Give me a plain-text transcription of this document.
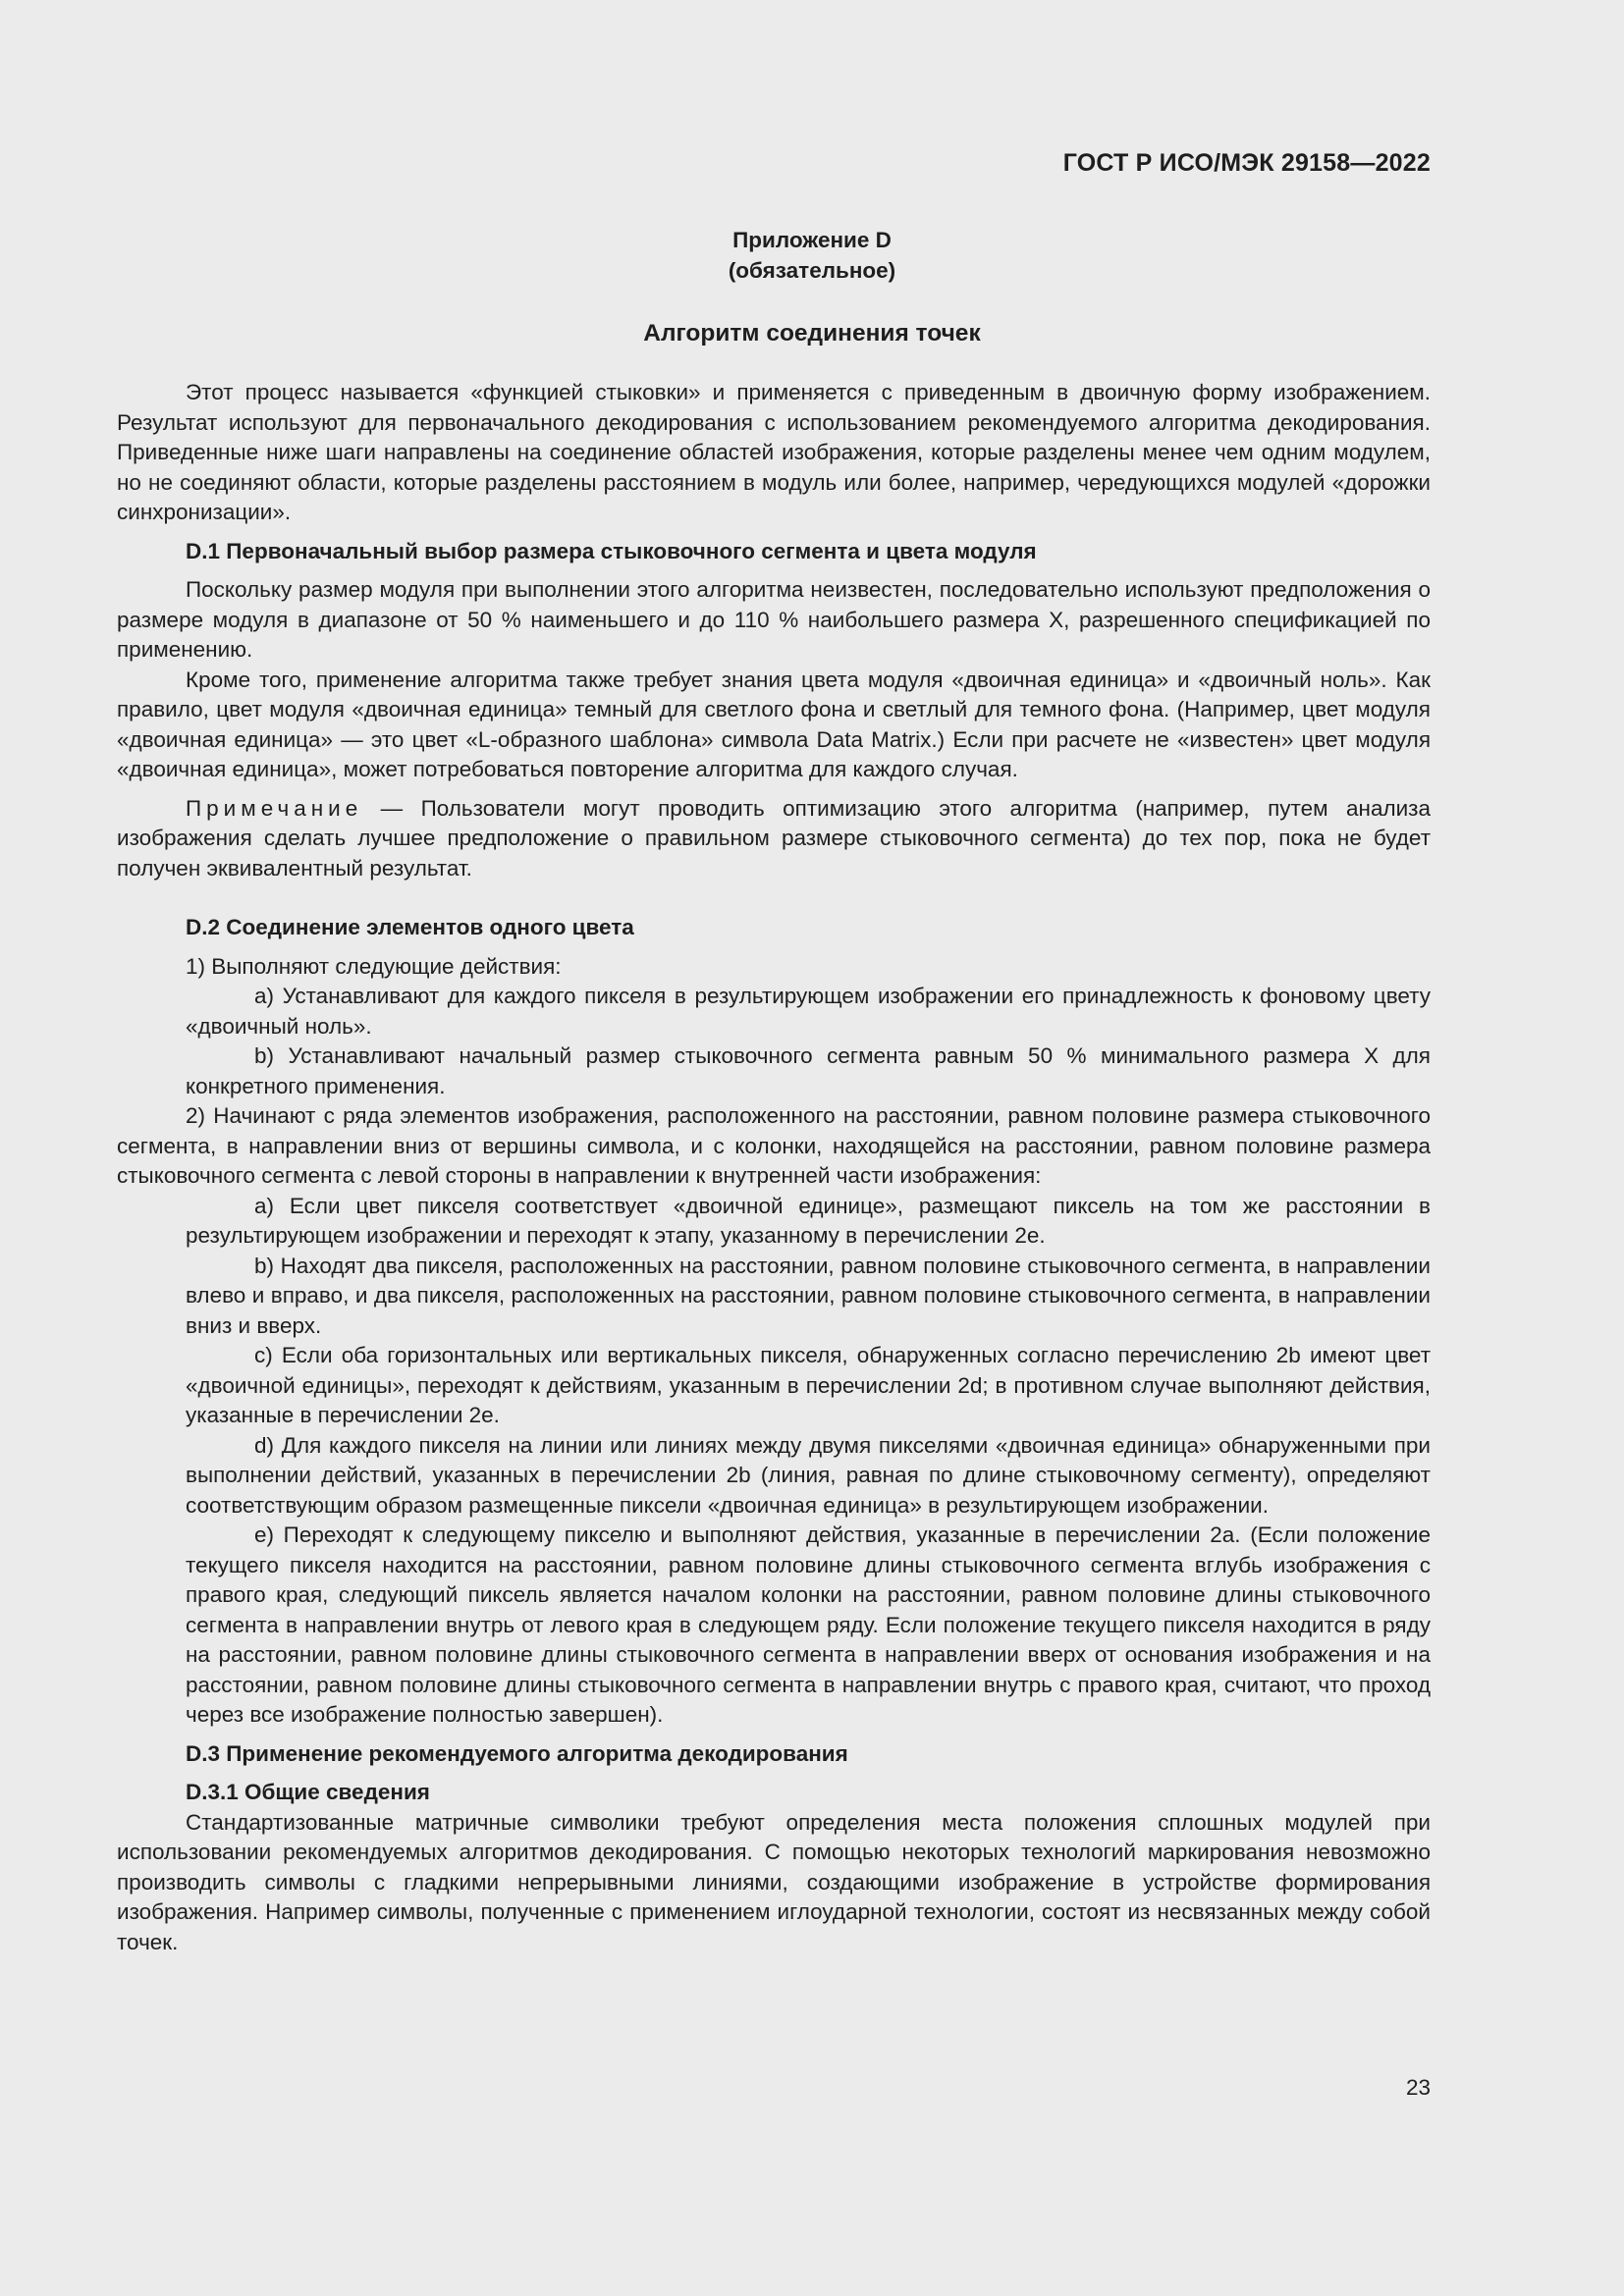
ГОСТ Р ИСО/МЭК 29158—2022
Приложение D
(обязательное)
Алгоритм соединения точек

Этот процесс называется «функцией стыковки» и применяется с приведенным в двоичную форму изображением. Результат используют для первоначального декодирования с использованием рекомендуемого алгоритма декодирования. Приведенные ниже шаги направлены на соединение областей изображения, которые разделены менее чем одним модулем, но не соединяют области, которые разделены расстоянием в модуль или более, например, чередующихся модулей «дорожки синхронизации».

D.1 Первоначальный выбор размера стыковочного сегмента и цвета модуля

Поскольку размер модуля при выполнении этого алгоритма неизвестен, последовательно используют предположения о размере модуля в диапазоне от 50 % наименьшего и до 110 % наибольшего размера X, разрешенного спецификацией по применению.

Кроме того, применение алгоритма также требует знания цвета модуля «двоичная единица» и «двоичный ноль». Как правило, цвет модуля «двоичная единица» темный для светлого фона и светлый для темного фона. (Например, цвет модуля «двоичная единица» — это цвет «L-образного шаблона» символа Data Matrix.) Если при расчете не «известен» цвет модуля «двоичная единица», может потребоваться повторение алгоритма для каждого случая.

Примечание — Пользователи могут проводить оптимизацию этого алгоритма (например, путем анализа изображения сделать лучшее предположение о правильном размере стыковочного сегмента) до тех пор, пока не будет получен эквивалентный результат.

D.2 Соединение элементов одного цвета

1) Выполняют следующие действия:

a) Устанавливают для каждого пикселя в результирующем изображении его принадлежность к фоновому цвету «двоичный ноль».

b) Устанавливают начальный размер стыковочного сегмента равным 50 % минимального размера X для конкретного применения.

2) Начинают с ряда элементов изображения, расположенного на расстоянии, равном половине размера стыковочного сегмента, в направлении вниз от вершины символа, и с колонки, находящейся на расстоянии, равном половине размера стыковочного сегмента с левой стороны в направлении к внутренней части изображения:

a) Если цвет пикселя соответствует «двоичной единице», размещают пиксель на том же расстоянии в результирующем изображении и переходят к этапу, указанному в перечислении 2e.

b) Находят два пикселя, расположенных на расстоянии, равном половине стыковочного сегмента, в направлении влево и вправо, и два пикселя, расположенных на расстоянии, равном половине стыковочного сегмента, в направлении вниз и вверх.

c) Если оба горизонтальных или вертикальных пикселя, обнаруженных согласно перечислению 2b имеют цвет «двоичной единицы», переходят к действиям, указанным в перечислении 2d; в противном случае выполняют действия, указанные в перечислении 2e.

d) Для каждого пикселя на линии или линиях между двумя пикселями «двоичная единица» обнаруженными при выполнении действий, указанных в перечислении 2b (линия, равная по длине стыковочному сегменту), определяют соответствующим образом размещенные пиксели «двоичная единица» в результирующем изображении.

e) Переходят к следующему пикселю и выполняют действия, указанные в перечислении 2a. (Если положение текущего пикселя находится на расстоянии, равном половине длины стыковочного сегмента вглубь изображения с правого края, следующий пиксель является началом колонки на расстоянии, равном половине длины стыковочного сегмента в направлении внутрь от левого края в следующем ряду. Если положение текущего пикселя находится в ряду на расстоянии, равном половине длины стыковочного сегмента в направлении вверх от основания изображения и на расстоянии, равном половине длины стыковочного сегмента в направлении внутрь с правого края, считают, что проход через все изображение полностью завершен).

D.3 Применение рекомендуемого алгоритма декодирования
D.3.1 Общие сведения

Стандартизованные матричные символики требуют определения места положения сплошных модулей при использовании рекомендуемых алгоритмов декодирования. С помощью некоторых технологий маркирования невозможно производить символы с гладкими непрерывными линиями, создающими изображение в устройстве формирования изображения. Например символы, полученные с применением иглоударной технологии, состоят из несвязанных между собой точек.

23
